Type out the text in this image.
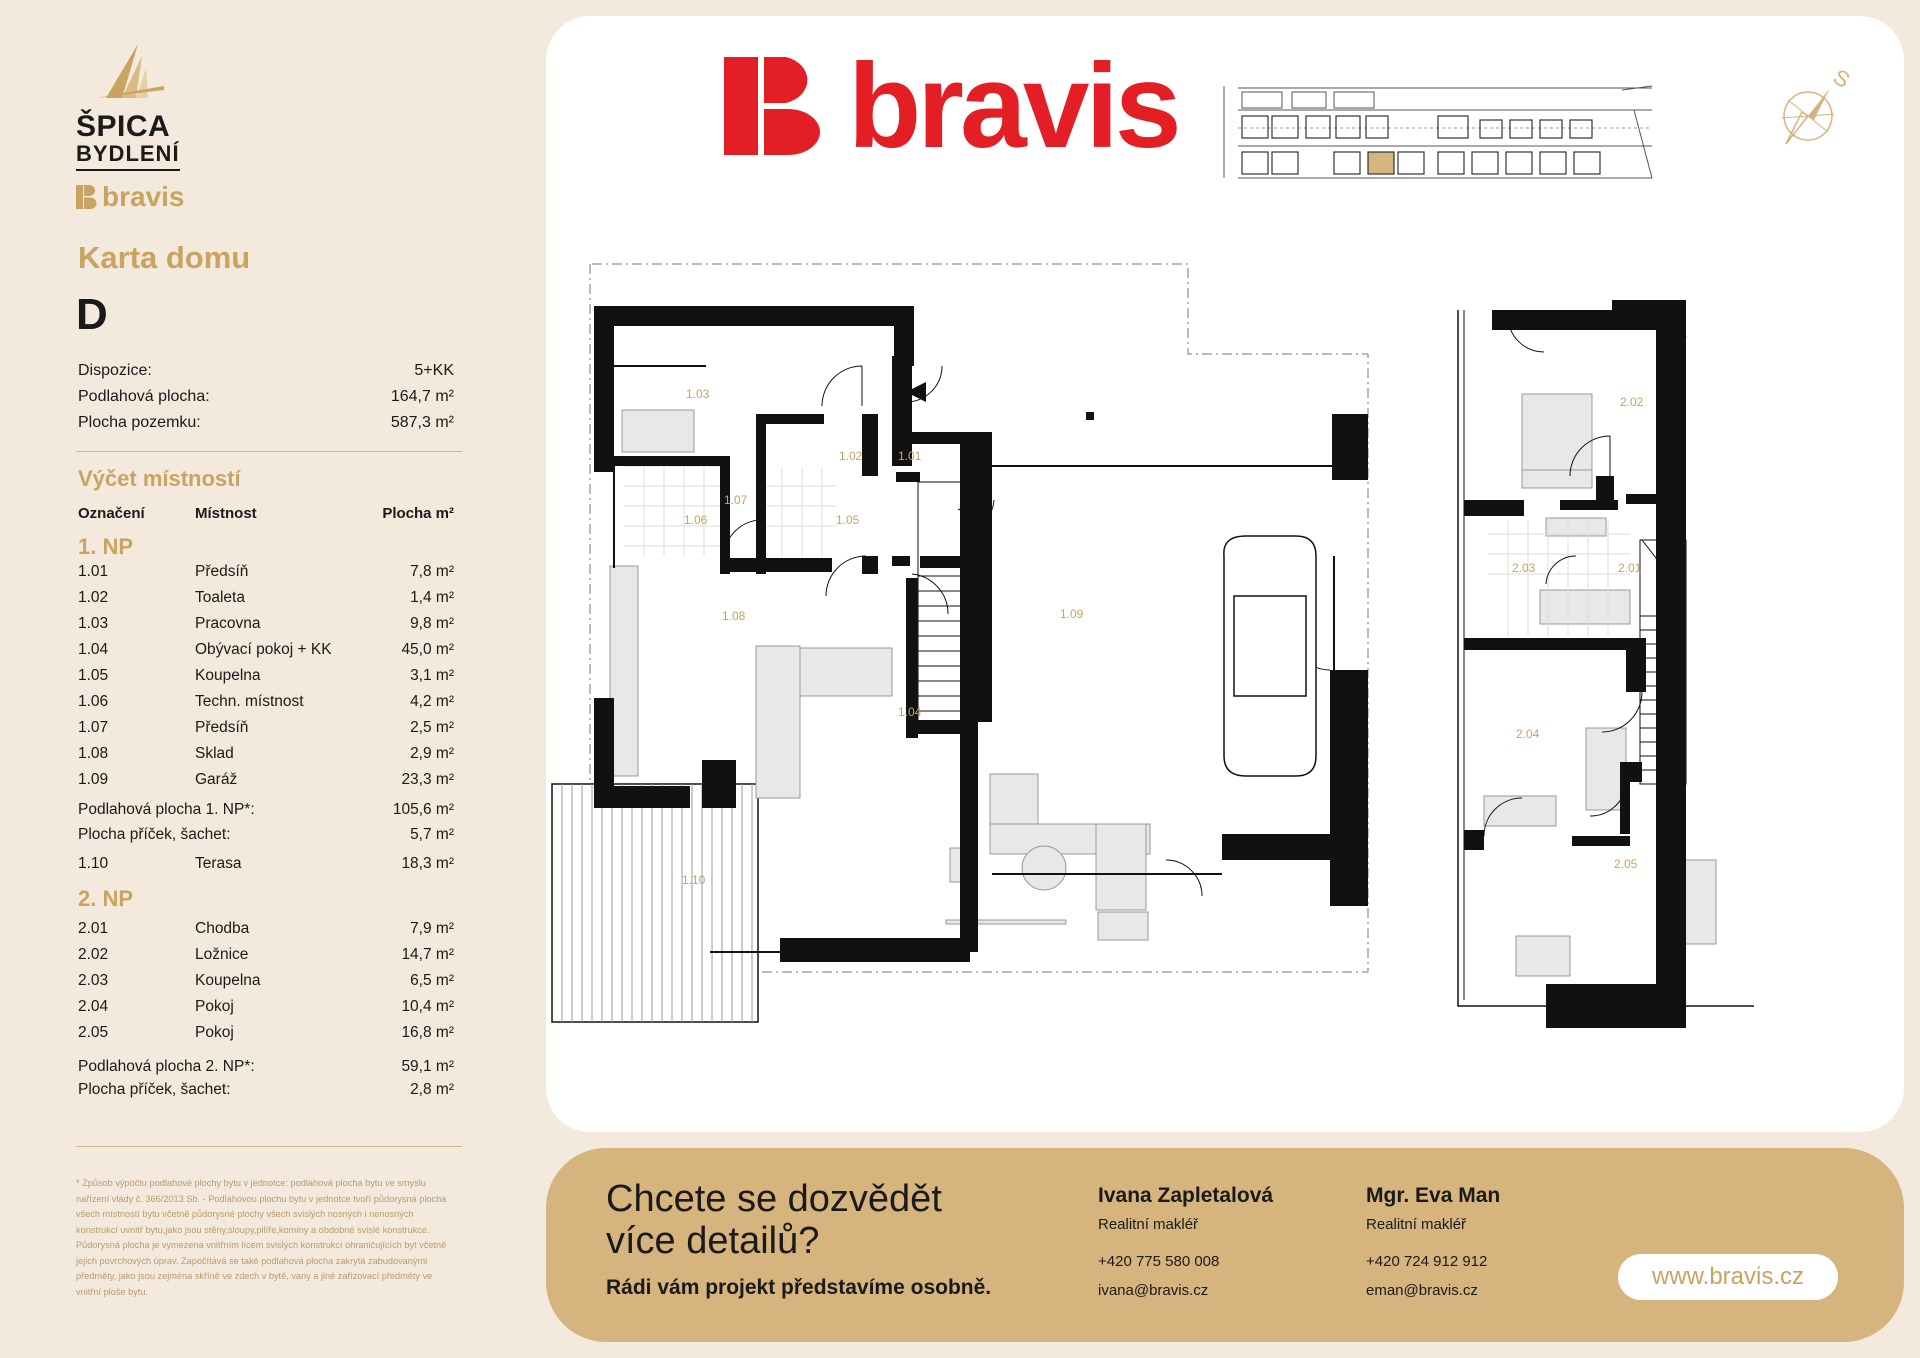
ŠPICA
BYDLENÍ
bravis
Karta domu
D
Dispozice:	5+KK
Podlahová plocha:	164,7 m²
Plocha pozemku:	587,3 m²
Výčet místností
Označení	Místnost	Plocha m²
1. NP
1.01	Předsíň	7,8 m²
1.02	Toaleta	1,4 m²
1.03	Pracovna	9,8 m²
1.04	Obývací pokoj + KK	45,0 m²
1.05	Koupelna	3,1 m²
1.06	Techn. místnost	4,2 m²
1.07	Předsíň	2,5 m²
1.08	Sklad	2,9 m²
1.09	Garáž	23,3 m²
Podlahová plocha 1. NP*:	105,6 m²
Plocha příček, šachet:	5,7 m²
1.10	Terasa	18,3 m²
2. NP
2.01	Chodba	7,9 m²
2.02	Ložnice	14,7 m²
2.03	Koupelna	6,5 m²
2.04	Pokoj	10,4 m²
2.05	Pokoj	16,8 m²
Podlahová plocha 2. NP*:	59,1 m²
Plocha příček, šachet:	2,8 m²
* Způsob výpočtu podlahové plochy bytu v jednotce: podlahová plocha bytu ve smyslu nařízení vlády č. 366/2013 Sb. - Podlahovou plochu bytu v jednotce tvoří půdorysná plocha všech místností bytu včetně půdorysné plochy všech svislých nosných i nenosných konstrukcí uvnitř bytu,jako jsou stěny,sloupy,pilíře,komíny a obdobné svislé konstrukce. Půdorysná plocha je vymezena vnitřním lícem svislých konstrukcí ohraničujících byt včetně jejich povrchových úprav. Započítává se také podlahová plocha zakrytá zabudovanými předměty, jako jsou zejména skříně ve zdech v bytě, vany a jiné zařizovací předměty ve vnitřní ploše bytu.
bravis	S
1.01
1.02
1.03
1.04
1.05
1.06
1.07
1.08	1.09
1.10
2.02
2.01
2.03
2.04
2.05
Chcete se dozvědět
více detailů?
Rádi vám projekt představíme osobně.
Ivana Zapletalová
Realitní makléř
+420 775 580 008
ivana@bravis.cz
Mgr. Eva Man
Realitní makléř
+420 724 912 912
eman@bravis.cz
www.bravis.cz
